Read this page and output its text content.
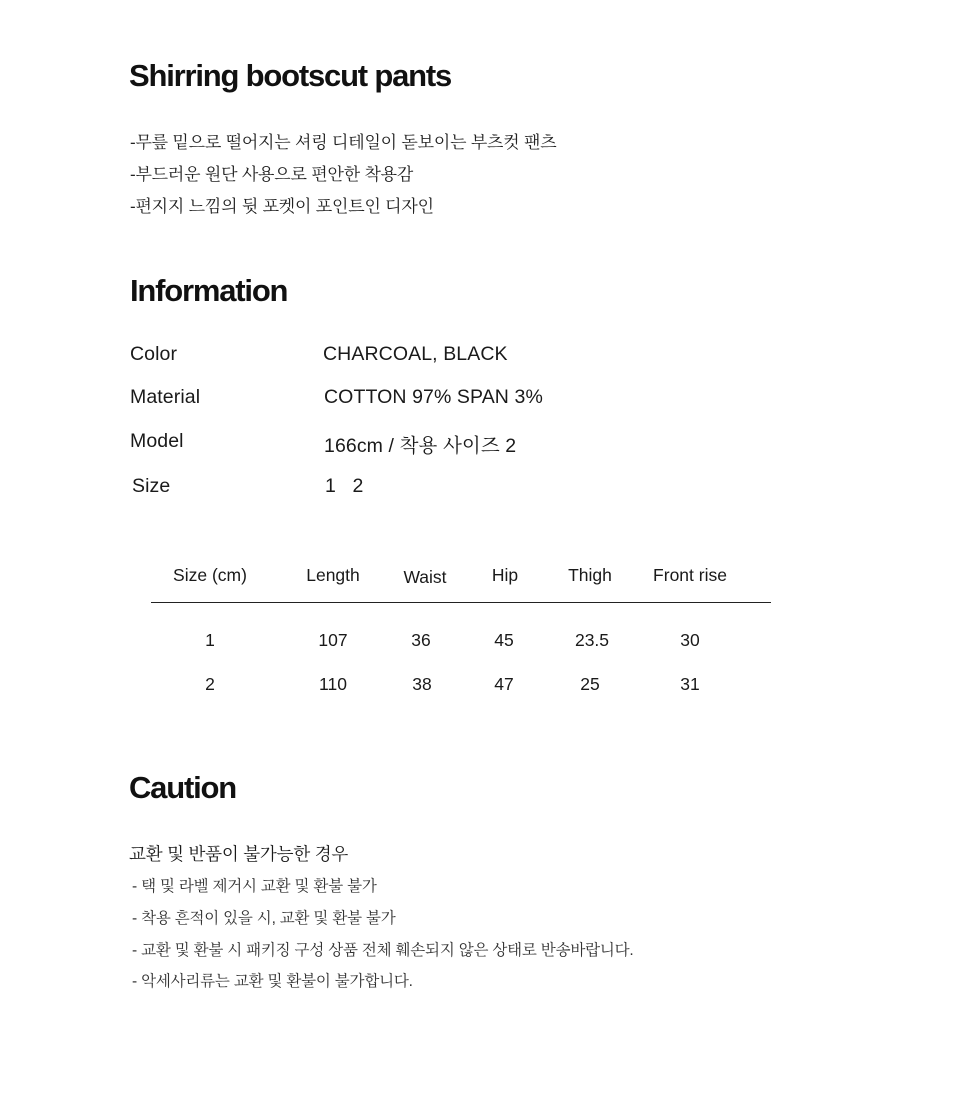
Shirring bootscut pants
-무릎 밑으로 떨어지는 셔링 디테일이 돋보이는 부츠컷 팬츠
-부드러운 원단 사용으로 편안한 착용감
-편지지 느낌의 뒷 포켓이 포인트인 디자인
Information
Color	CHARCOAL, BLACK
Material	COTTON 97% SPAN 3%
Model	166cm / 착용 사이즈 2
Size	1   2
Size (cm)	Length	Waist	Hip	Thigh	Front rise
1	107	36	45	23.5	30
2	110	38	47	25	31
Caution
교환 및 반품이 불가능한 경우
- 택 및 라벨 제거시 교환 및 환불 불가
- 착용 흔적이 있을 시, 교환 및 환불 불가
- 교환 및 환불 시 패키징 구성 상품 전체 훼손되지 않은 상태로 반송바랍니다.
- 악세사리류는 교환 및 환불이 불가합니다.
